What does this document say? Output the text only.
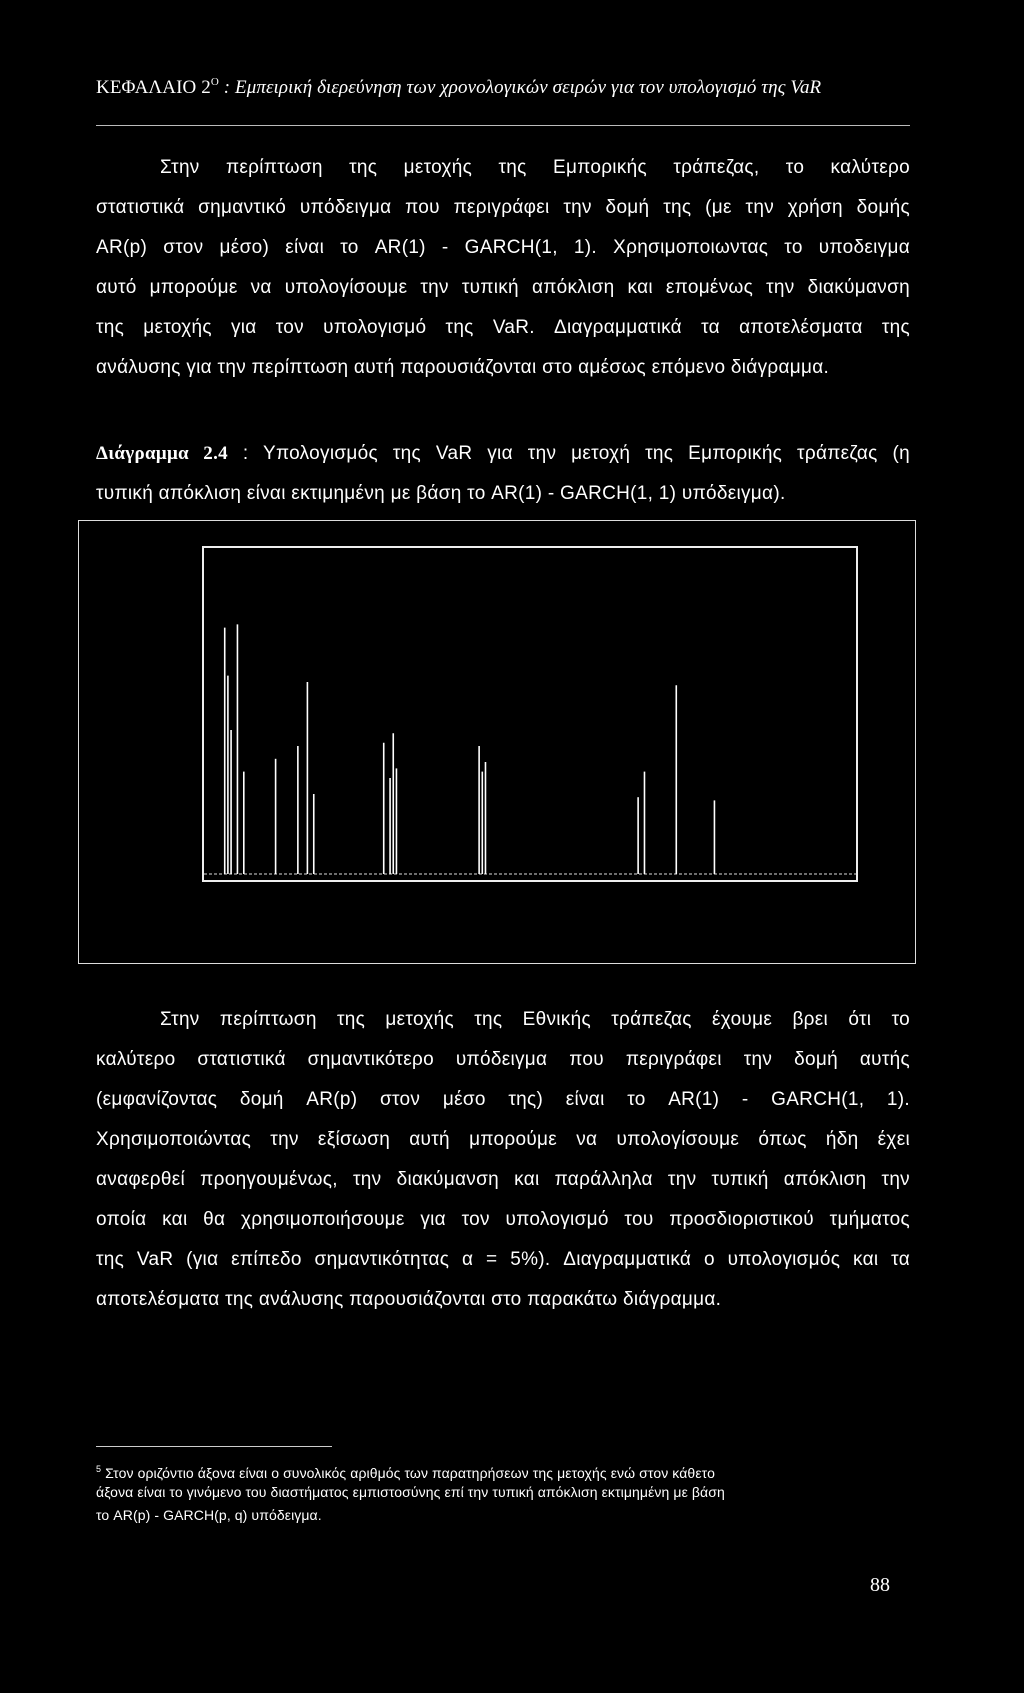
ΚΕΦΑΛΑΙΟ $2^O$ : Εμπειρική διερεύνηση των χρονολογικών σειρών για τον υπολογισμό της VaR
Στην περίπτωση της μετοχής της Εμπορικής τράπεζας, το καλύτερο
στατιστικά σημαντικό υπόδειγμα που περιγράφει την δομή της (με την χρήση δομής
AR(p) στον μέσο) είναι το AR(1) - GARCH(1, 1). Χρησιμοποιωντας το υποδειγμα
αυτό μπορούμε να υπολογίσουμε την τυπική απόκλιση και επομένως την διακύμανση
της μετοχής για τον υπολογισμό της VaR. Διαγραμματικά τα αποτελέσματα της
ανάλυσης για την περίπτωση αυτή παρουσιάζονται στο αμέσως επόμενο διάγραμμα.
Διάγραμμα 2.4 : Υπολογισμός της VaR για την μετοχή της Εμπορικής τράπεζας (η
τυπική απόκλιση είναι εκτιμημένη με βάση το AR(1) - GARCH(1, 1) υπόδειγμα).
Στην περίπτωση της μετοχής της Εθνικής τράπεζας έχουμε βρει ότι το
καλύτερο στατιστικά σημαντικότερο υπόδειγμα που περιγράφει την δομή αυτής
(εμφανίζοντας δομή AR(p) στον μέσο της) είναι το AR(1) - GARCH(1, 1).
Χρησιμοποιώντας την εξίσωση αυτή μπορούμε να υπολογίσουμε όπως ήδη έχει
αναφερθεί προηγουμένως, την διακύμανση και παράλληλα την τυπική απόκλιση την
οποία και θα χρησιμοποιήσουμε για τον υπολογισμό του προσδιοριστικού τμήματος
της VaR (για επίπεδο σημαντικότητας α = 5%). Διαγραμματικά ο υπολογισμός και τα
αποτελέσματα της ανάλυσης παρουσιάζονται στο παρακάτω διάγραμμα.
$^5$ Στον οριζόντιο άξονα είναι ο συνολικός αριθμός των παρατηρήσεων της μετοχής ενώ στον κάθετο
άξονα είναι το γινόμενο του διαστήματος εμπιστοσύνης επί την τυπική απόκλιση εκτιμημένη με βάση
το AR(p) - GARCH(p, q) υπόδειγμα.
88
